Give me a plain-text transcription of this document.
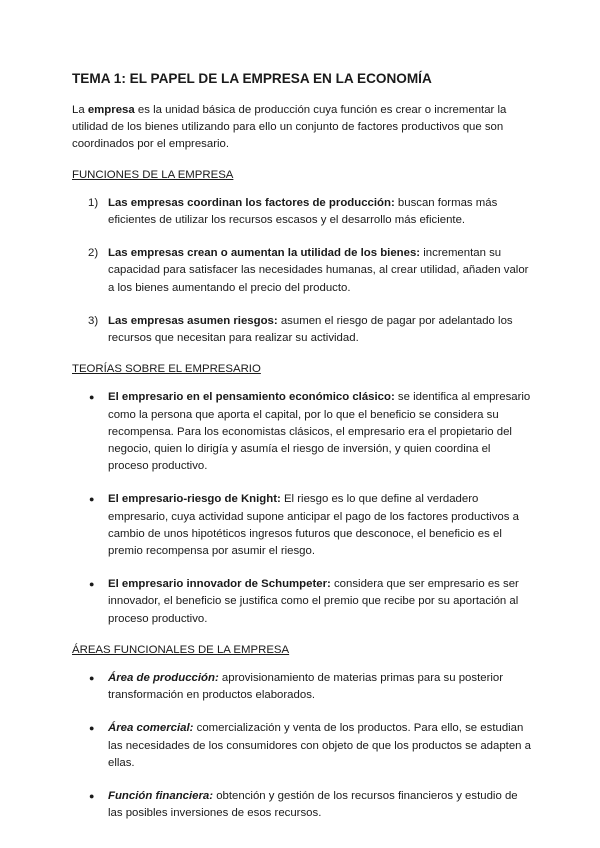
TEMA 1: EL PAPEL DE LA EMPRESA EN LA ECONOMÍA

La empresa es la unidad básica de producción cuya función es crear o incrementar la utilidad de los bienes utilizando para ello un conjunto de factores productivos que son coordinados por el empresario.

FUNCIONES DE LA EMPRESA
1) Las empresas coordinan los factores de producción: buscan formas más eficientes de utilizar los recursos escasos y el desarrollo más eficiente.
2) Las empresas crean o aumentan la utilidad de los bienes: incrementan su capacidad para satisfacer las necesidades humanas, al crear utilidad, añaden valor a los bienes aumentando el precio del producto.
3) Las empresas asumen riesgos: asumen el riesgo de pagar por adelantado los recursos que necesitan para realizar su actividad.
TEORÍAS SOBRE EL EMPRESARIO
●	El empresario en el pensamiento económico clásico: se identifica al empresario como la persona que aporta el capital, por lo que el beneficio se considera su recompensa. Para los economistas clásicos, el empresario era el propietario del negocio, quien lo dirigía y asumía el riesgo de inversión, y quien coordina el proceso productivo.
●	El empresario-riesgo de Knight: El riesgo es lo que define al verdadero empresario, cuya actividad supone anticipar el pago de los factores productivos a cambio de unos hipotéticos ingresos futuros que desconoce, el beneficio es el premio recompensa por asumir el riesgo.
●	El empresario innovador de Schumpeter: considera que ser empresario es ser innovador, el beneficio se justifica como el premio que recibe por su aportación al proceso productivo.
ÁREAS FUNCIONALES DE LA EMPRESA
●	Área de producción: aprovisionamiento de materias primas para su posterior transformación en productos elaborados.
●	Área comercial: comercialización y venta de los productos. Para ello, se estudian las necesidades de los consumidores con objeto de que los productos se adapten a ellas.
●	Función financiera: obtención y gestión de los recursos financieros y estudio de las posibles inversiones de esos recursos.
